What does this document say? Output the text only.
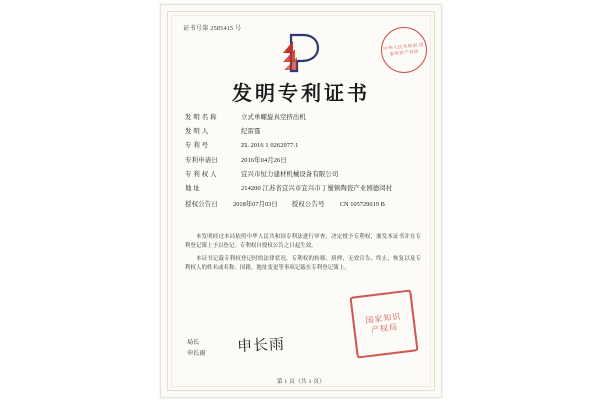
证书号第 2585415 号
中华人民共和国 国家知识产权局
发明专利证书
发 明 名 称	立式单螺旋真空挤出机
发 明 人	纪雷霆
专 利 号	ZL 2016 1 0262977.1
专利申请日	2016年04月26日
专 利 权 人	宜兴市恒力建材机械设备有限公司
地 址	214200 江苏省宜兴市宜兴市丁蜀镇陶瓷产业园德闵村
授权公告日	2018年07月03日 授权公告号	CN 105729619 B

本发明经过本局依照中华人民共和国专利法进行审查，决定授予专利权，颁发本证书并在专利登记簿上予以登记。专利权自授权公告之日起生效。

本证书记载专利权登记时的法律状况。专利权的转移、质押、无效宣告、终止、恢复以及专利权人的姓名或名称、国籍、地址变更等事项记载在专利登记簿上。

局长
申长雨 申长雨
国家知识产权局
第 1 页（共 1 页）
